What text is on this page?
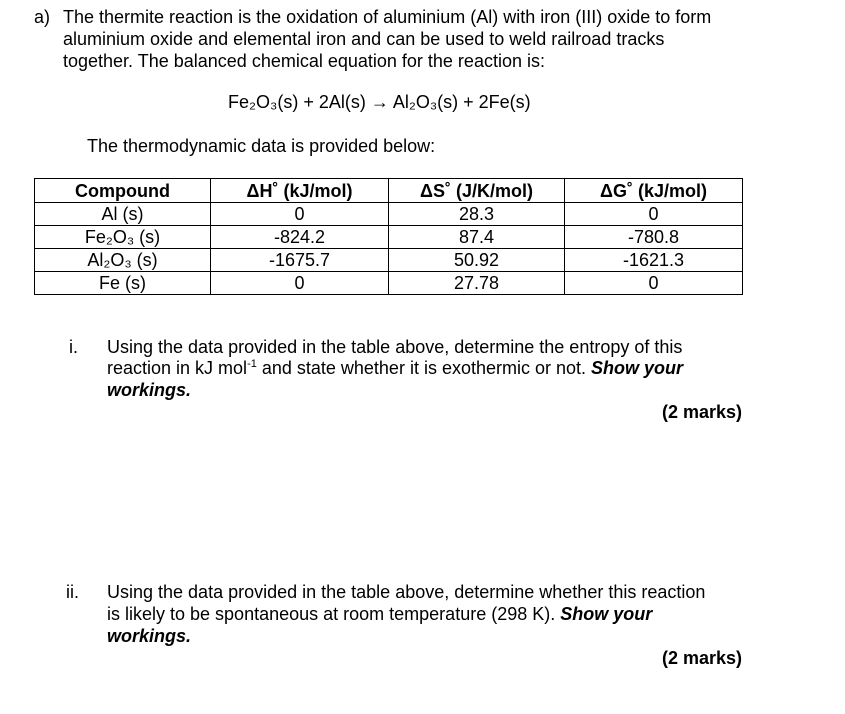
a) The thermite reaction is the oxidation of aluminium (Al) with iron (III) oxide to form
aluminium oxide and elemental iron and can be used to weld railroad tracks
together. The balanced chemical equation for the reaction is:
Fe₂O₃(s) + 2Al(s) → Al₂O₃(s) + 2Fe(s)
The thermodynamic data is provided below:
Compound	ΔH˚ (kJ/mol)	ΔS˚ (J/K/mol)	ΔG˚ (kJ/mol)
Al (s)	0	28.3	0
Fe₂O₃ (s)	-824.2	87.4	-780.8
Al₂O₃ (s)	-1675.7	50.92	-1621.3
Fe (s)	0	27.78	0
i. Using the data provided in the table above, determine the entropy of this
reaction in kJ mol$^{-1}$ and state whether it is exothermic or not. Show your
workings.
(2 marks)
ii. Using the data provided in the table above, determine whether this reaction
is likely to be spontaneous at room temperature (298 K). Show your
workings.
(2 marks)
